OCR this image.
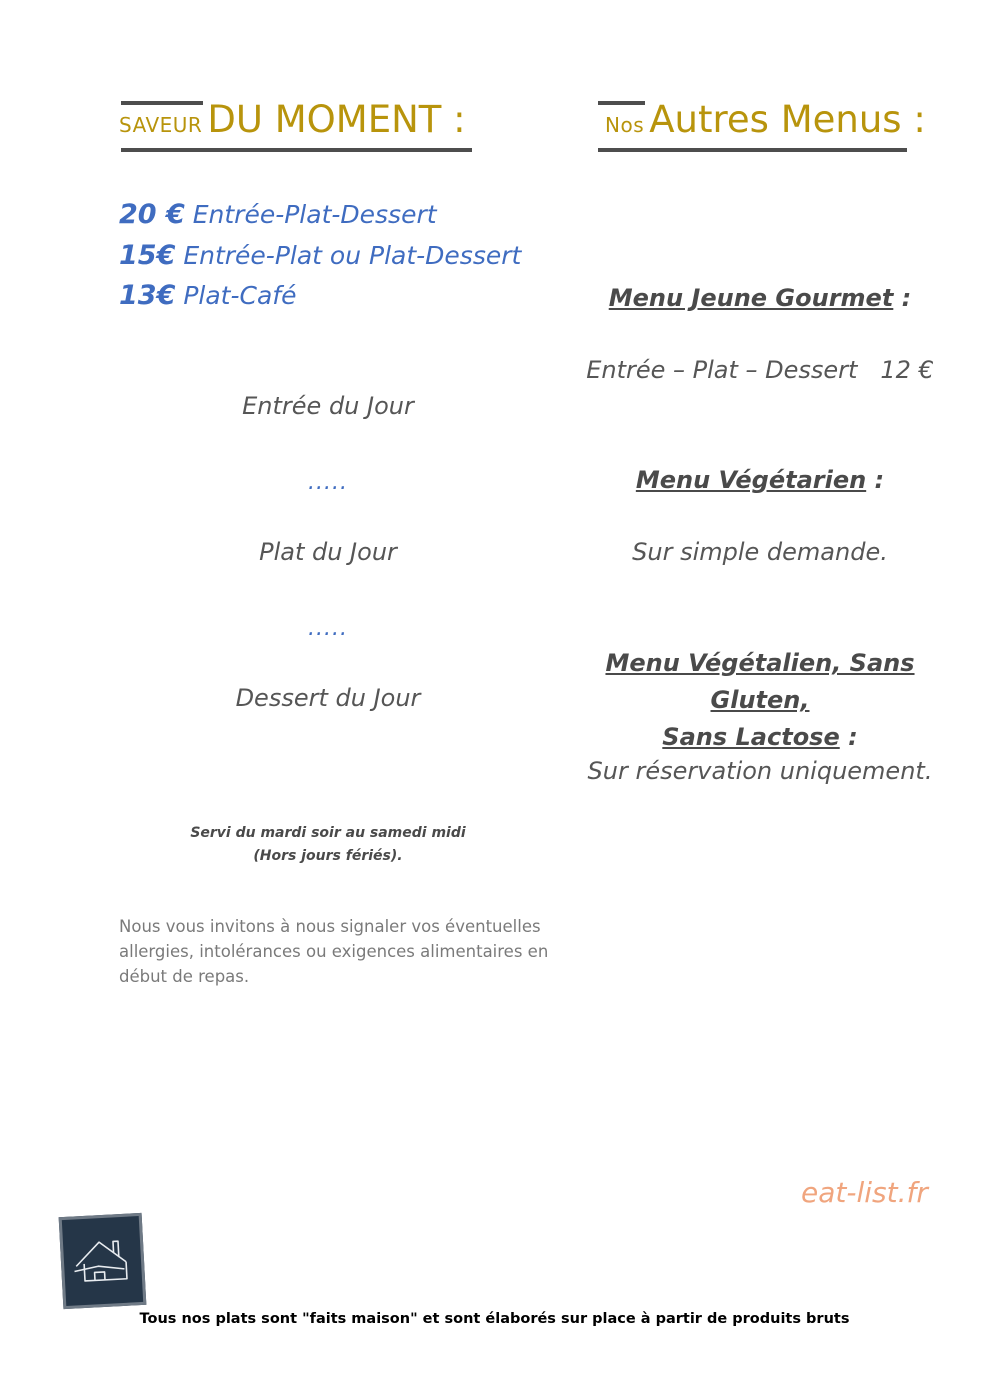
SAVEUR DU MOMENT :	Nos Autres Menus :
20 € Entrée-Plat-Dessert
15€ Entrée-Plat ou Plat-Dessert
13€ Plat-Café
Entrée du Jour
.....
Plat du Jour
.....
Dessert du Jour
Servi du mardi soir au samedi midi
(Hors jours fériés).
Nous vous invitons à nous signaler vos éventuelles
allergies, intolérances ou exigences alimentaires en
début de repas.
Menu Jeune Gourmet :
Entrée – Plat – Dessert   12 €
Menu Végétarien :
Sur simple demande.
Menu Végétalien, Sans Gluten,
Sans Lactose :
Sur réservation uniquement.
eat-list.fr
Tous nos plats sont "faits maison" et sont élaborés sur place à partir de produits bruts
